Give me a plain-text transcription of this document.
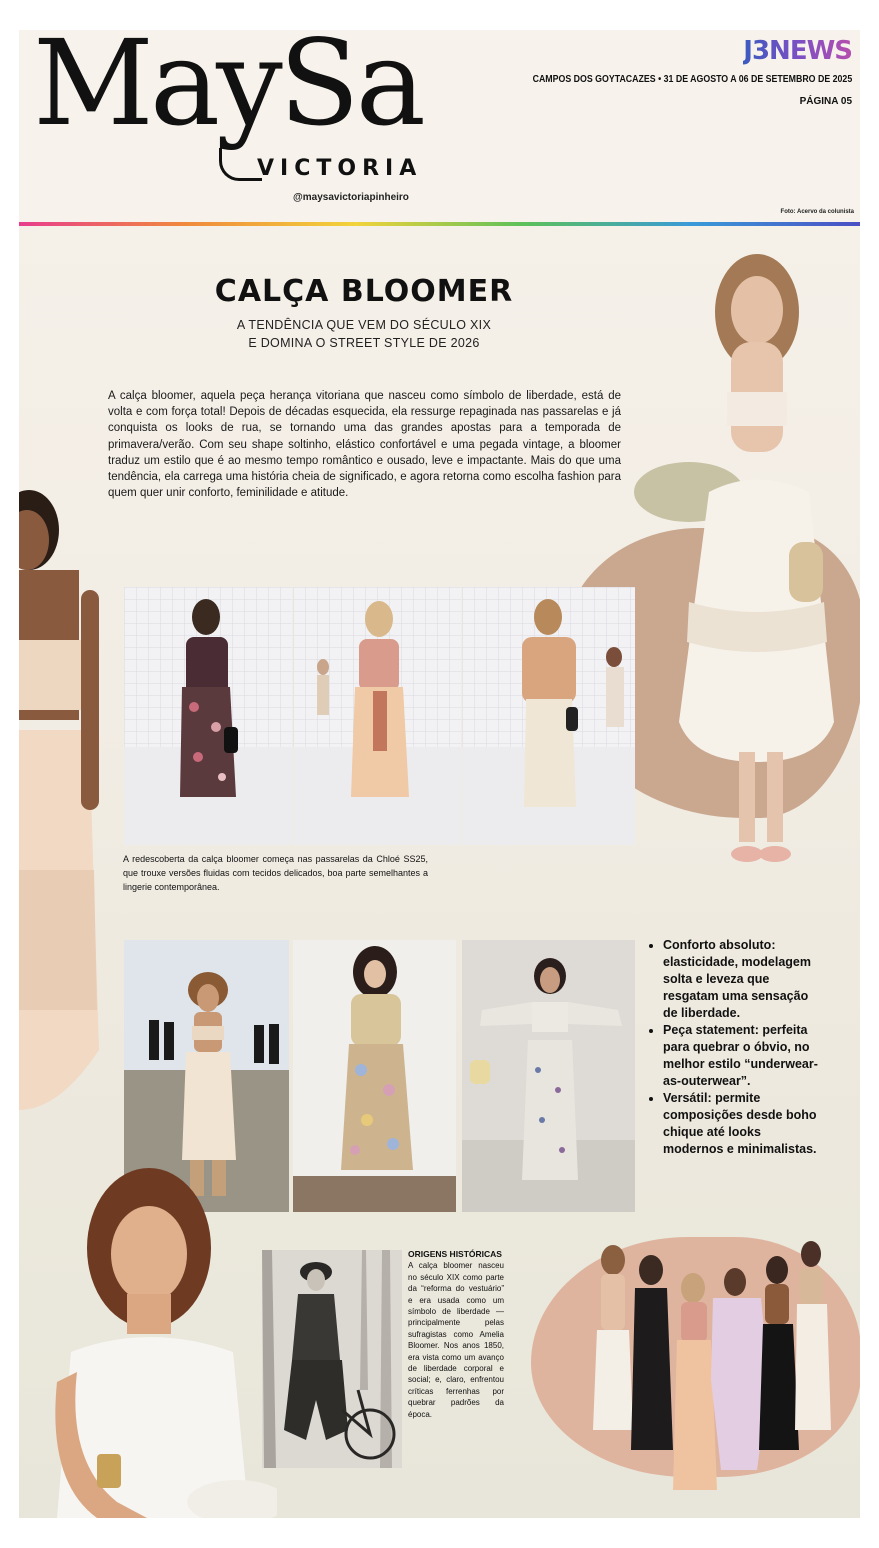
MaySa
VICTORIA
@maysavictoriapinheiro
J3NEWS
CAMPOS DOS GOYTACAZES • 31 DE AGOSTO A 06 DE SETEMBRO DE 2025
PÁGINA 05
Foto: Acervo da colunista
CALÇA BLOOMER
A TENDÊNCIA QUE VEM DO SÉCULO XIX
E DOMINA O STREET STYLE DE 2026
A calça bloomer, aquela peça herança vitoriana que nasceu como símbolo de liberdade, está de volta e com força total! Depois de décadas esquecida, ela ressurge repaginada nas passarelas e já conquista os looks de rua, se tornando uma das grandes apostas para a temporada de primavera/verão. Com seu shape soltinho, elástico confortável e uma pegada vintage, a bloomer traduz um estilo que é ao mesmo tempo romântico e ousado, leve e impactante. Mais do que uma tendência, ela carrega uma história cheia de significado, e agora retorna como escolha fashion para quem quer unir conforto, feminilidade e atitude.
A redescoberta da calça bloomer começa nas passarelas da Chloé SS25, que trouxe versões fluidas com tecidos delicados, boa parte semelhantes a lingerie contemporânea.
• Conforto absoluto: elasticidade, modelagem solta e leveza que resgatam uma sensação de liberdade.
• Peça statement: perfeita para quebrar o óbvio, no melhor estilo “underwear-as-outerwear”.
• Versátil: permite composições desde boho chique até looks modernos e minimalistas.
ORIGENS HISTÓRICAS
A calça bloomer nasceu no século XIX como parte da “reforma do vestuário” e era usada como um símbolo de liberdade — principalmente pelas sufragistas como Amelia Bloomer. Nos anos 1850, era vista como um avanço de liberdade corporal e social; e, claro, enfrentou críticas ferrenhas por quebrar padrões da época.
